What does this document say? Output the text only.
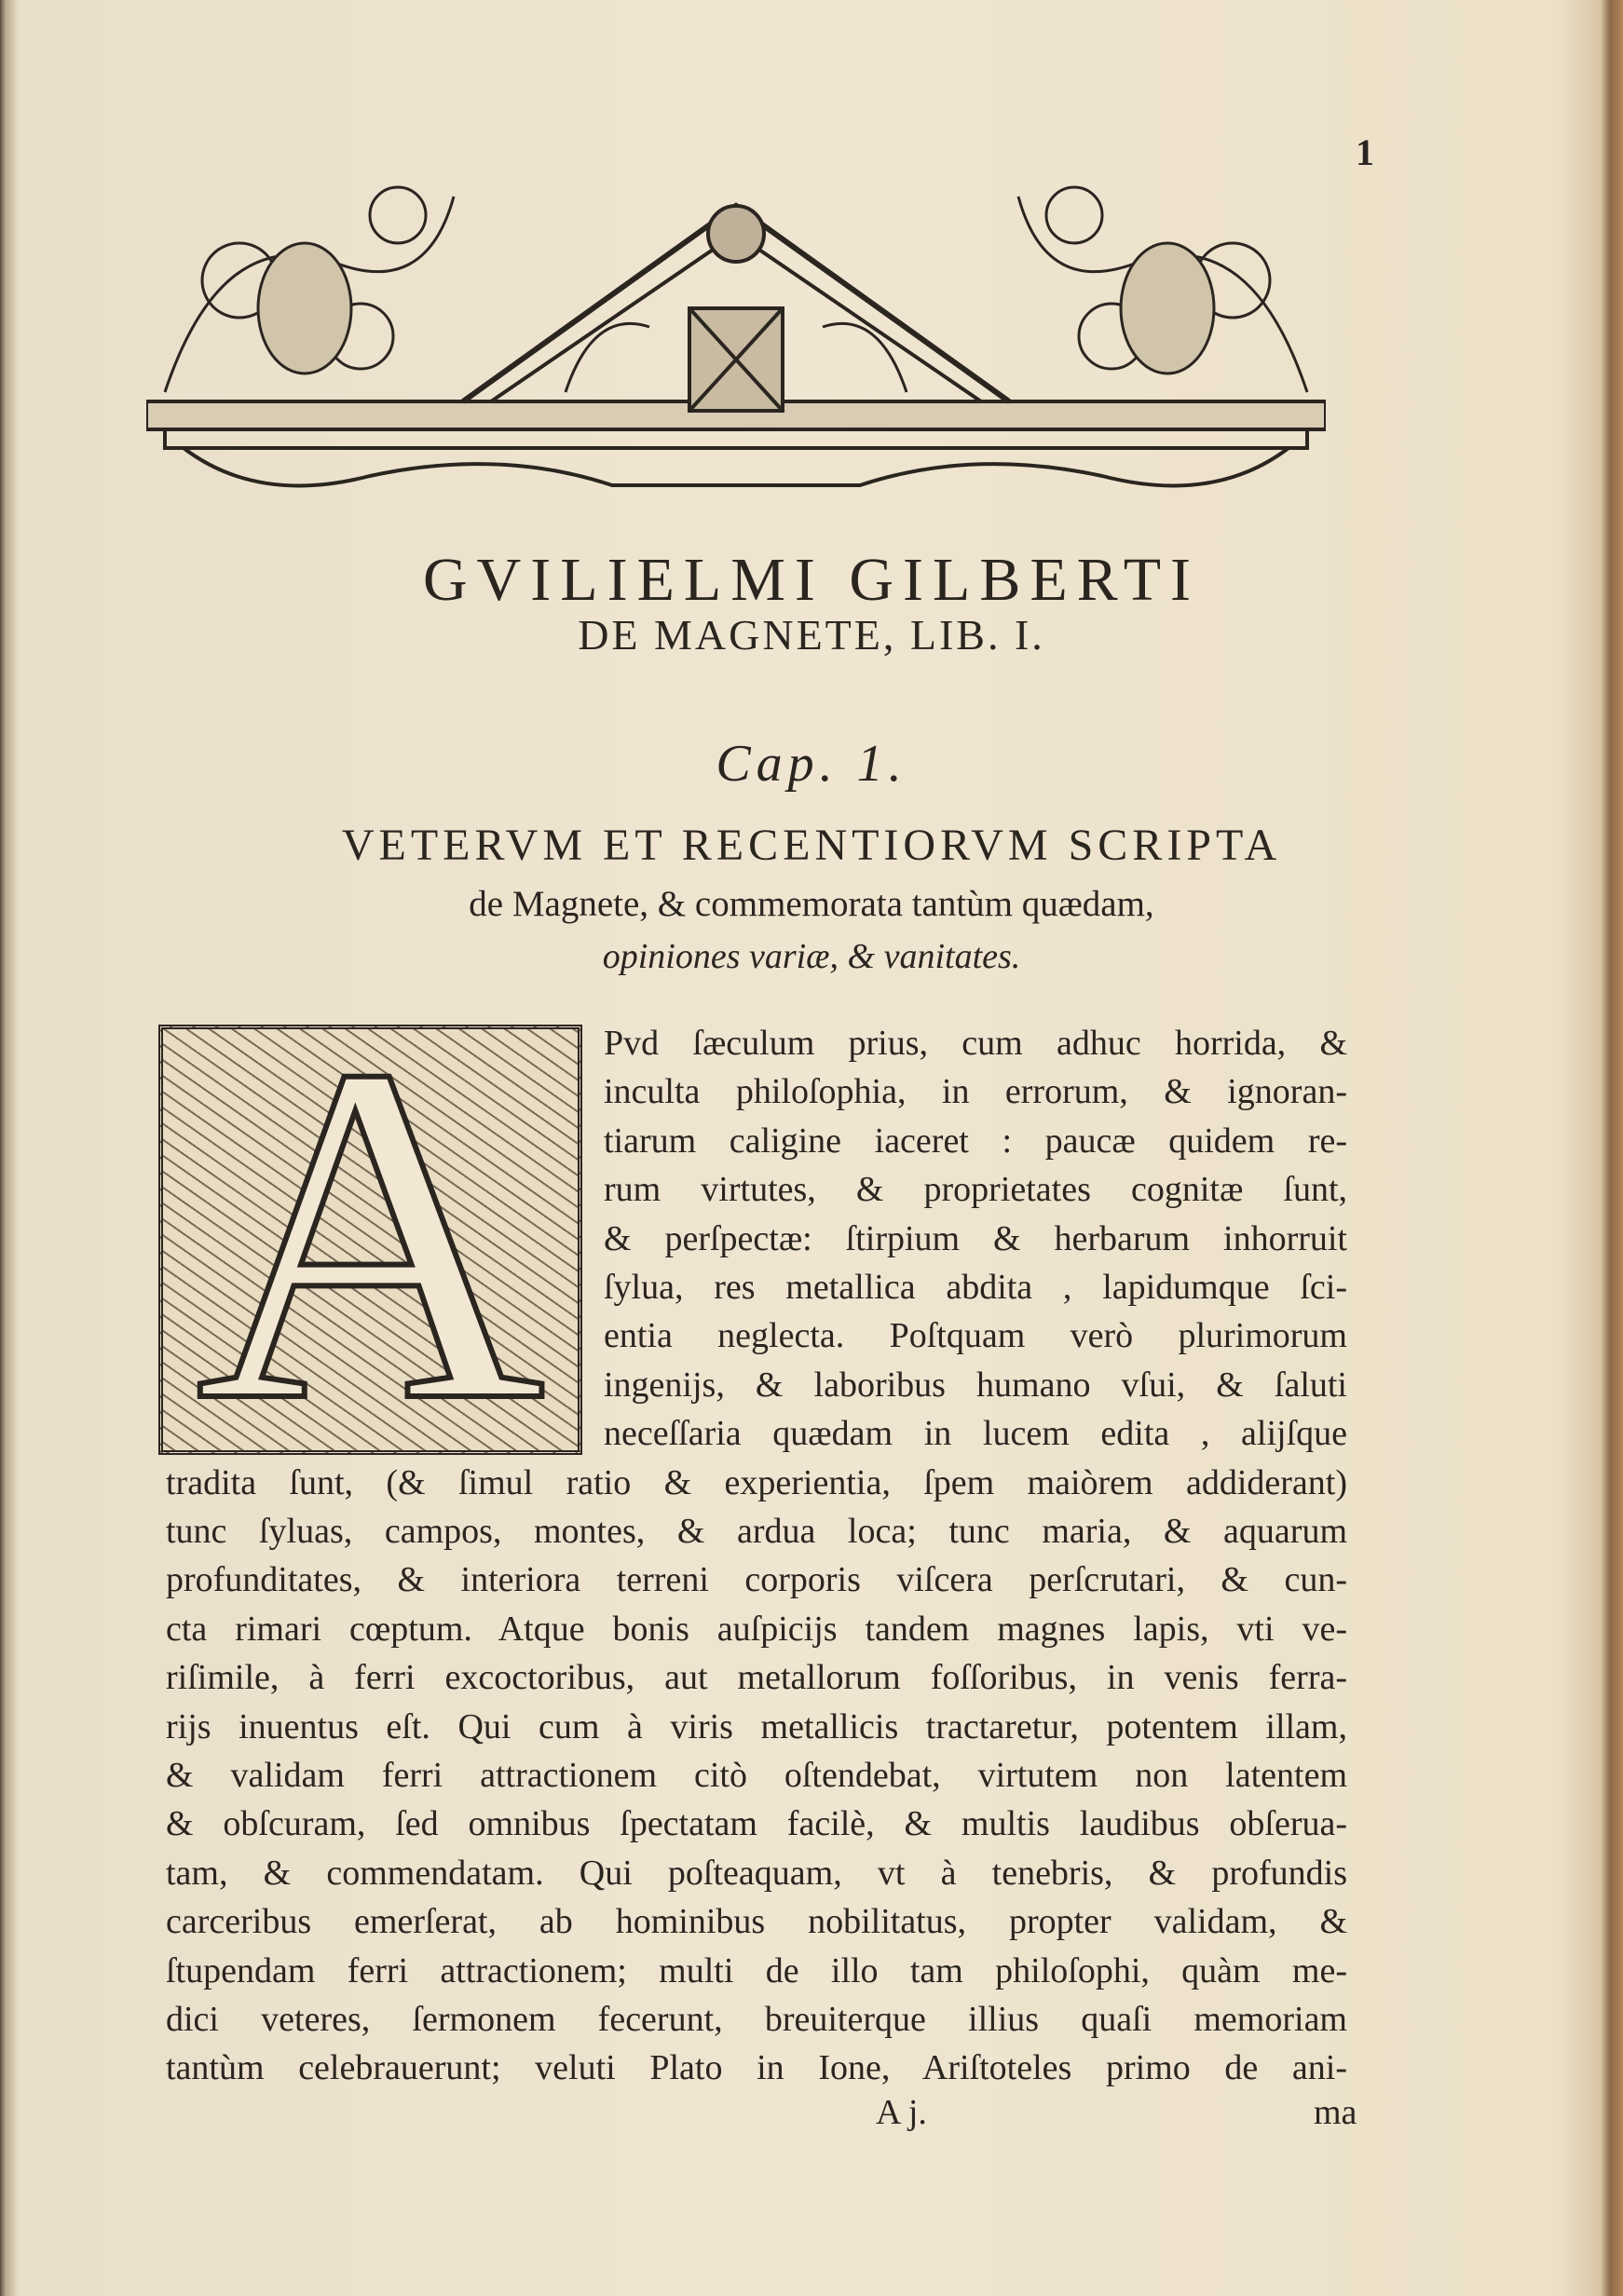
1
GVILIELMI GILBERTI
DE MAGNETE, LIB. I.
Cap. 1.
VETERVM ET RECENTIORVM SCRIPTA
de Magnete, & commemorata tantùm quædam,
opiniones variæ, & vanitates.
A	Pvd ſæculum prius, cum adhuc horrida, &
inculta philoſophia, in errorum, & ignoran-
tiarum caligine iaceret : paucæ quidem re-
rum virtutes, & proprietates cognitæ ſunt,
& perſpectæ: ſtirpium & herbarum inhorruit
ſylua, res metallica abdita , lapidumque ſci-
entia neglecta. Poſtquam verò plurimorum
ingenijs, & laboribus humano vſui, & ſaluti
neceſſaria quædam in lucem edita , alijſque
tradita ſunt, (& ſimul ratio & experientia, ſpem maiòrem addiderant)
tunc ſyluas, campos, montes, & ardua loca; tunc maria, & aquarum
profunditates, & interiora terreni corporis viſcera perſcrutari, & cun-
cta rimari cœptum. Atque bonis auſpicijs tandem magnes lapis, vti ve-
riſimile, à ferri excoctoribus, aut metallorum foſſoribus, in venis ferra-
rijs inuentus eſt. Qui cum à viris metallicis tractaretur, potentem illam,
& validam ferri attractionem citò oſtendebat, virtutem non latentem
& obſcuram, ſed omnibus ſpectatam facilè, & multis laudibus obſerua-
tam, & commendatam. Qui poſteaquam, vt à tenebris, & profundis
carceribus emerſerat, ab hominibus nobilitatus, propter validam, &
ſtupendam ferri attractionem; multi de illo tam philoſophi, quàm me-
dici veteres, ſermonem fecerunt, breuiterque illius quaſi memoriam
tantùm celebrauerunt; veluti Plato in Ione, Ariſtoteles primo de ani-
A j.	ma
